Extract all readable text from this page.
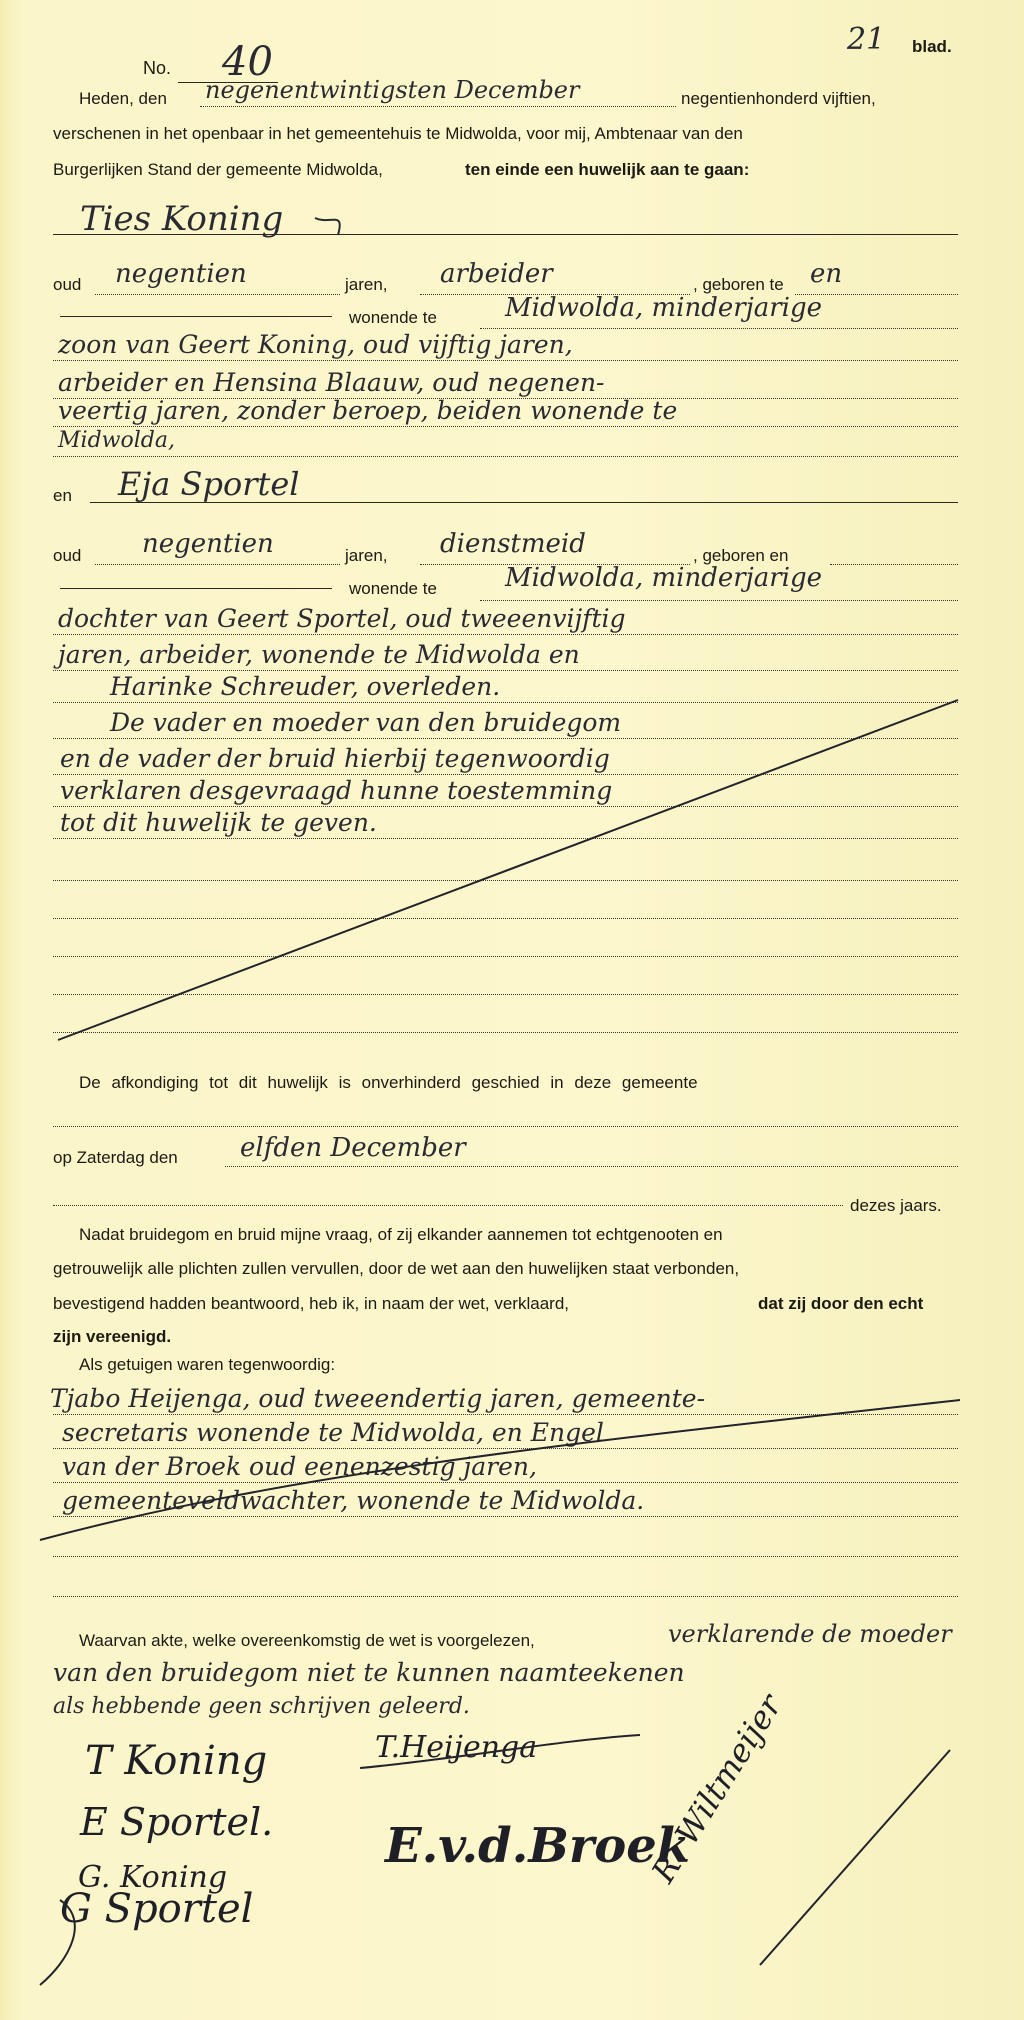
No. 40	21 blad.
Heden, den negenentwintigsten December	negentienhonderd vijftien,
verschenen in het openbaar in het gemeentehuis te Midwolda, voor mij, Ambtenaar van den
Burgerlijken Stand der gemeente Midwolda,	ten einde een huwelijk aan te gaan:
Ties Koning
oud negentien	jaren, arbeider	, geboren te en
wonende te	Midwolda, minderjarige
zoon van Geert Koning, oud vijftig jaren,
arbeider en Hensina Blaauw, oud negenen-
veertig jaren, zonder beroep, beiden wonende te
Midwolda,
en Eja Sportel
oud negentien	jaren, dienstmeid	, geboren en
wonende te	Midwolda, minderjarige
dochter van Geert Sportel, oud tweeenvijftig
jaren, arbeider, wonende te Midwolda en
Harinke Schreuder, overleden.
De vader en moeder van den bruidegom
en de vader der bruid hierbij tegenwoordig
verklaren desgevraagd hunne toestemming
tot dit huwelijk te geven.
De afkondiging tot dit huwelijk is onverhinderd geschied in deze gemeente
op Zaterdag den elfden December
dezes jaars.
Nadat bruidegom en bruid mijne vraag, of zij elkander aannemen tot echtgenooten en
getrouwelijk alle plichten zullen vervullen, door de wet aan den huwelijken staat verbonden,
bevestigend hadden beantwoord, heb ik, in naam der wet, verklaard,	dat zij door den echt
zijn vereenigd.
Als getuigen waren tegenwoordig:
Tjabo Heijenga, oud tweeendertig jaren, gemeente-
secretaris wonende te Midwolda, en Engel
van der Broek oud eenenzestig jaren,
gemeenteveldwachter, wonende te Midwolda.
Waarvan akte, welke overeenkomstig de wet is voorgelezen,	verklarende de moeder
van den bruidegom niet te kunnen naamteekenen
als hebbende geen schrijven geleerd.
T Koning	T.Heijenga
E Sportel. E.v.d.Broek
G. Koning
G Sportel
R. Wiltmeijer
